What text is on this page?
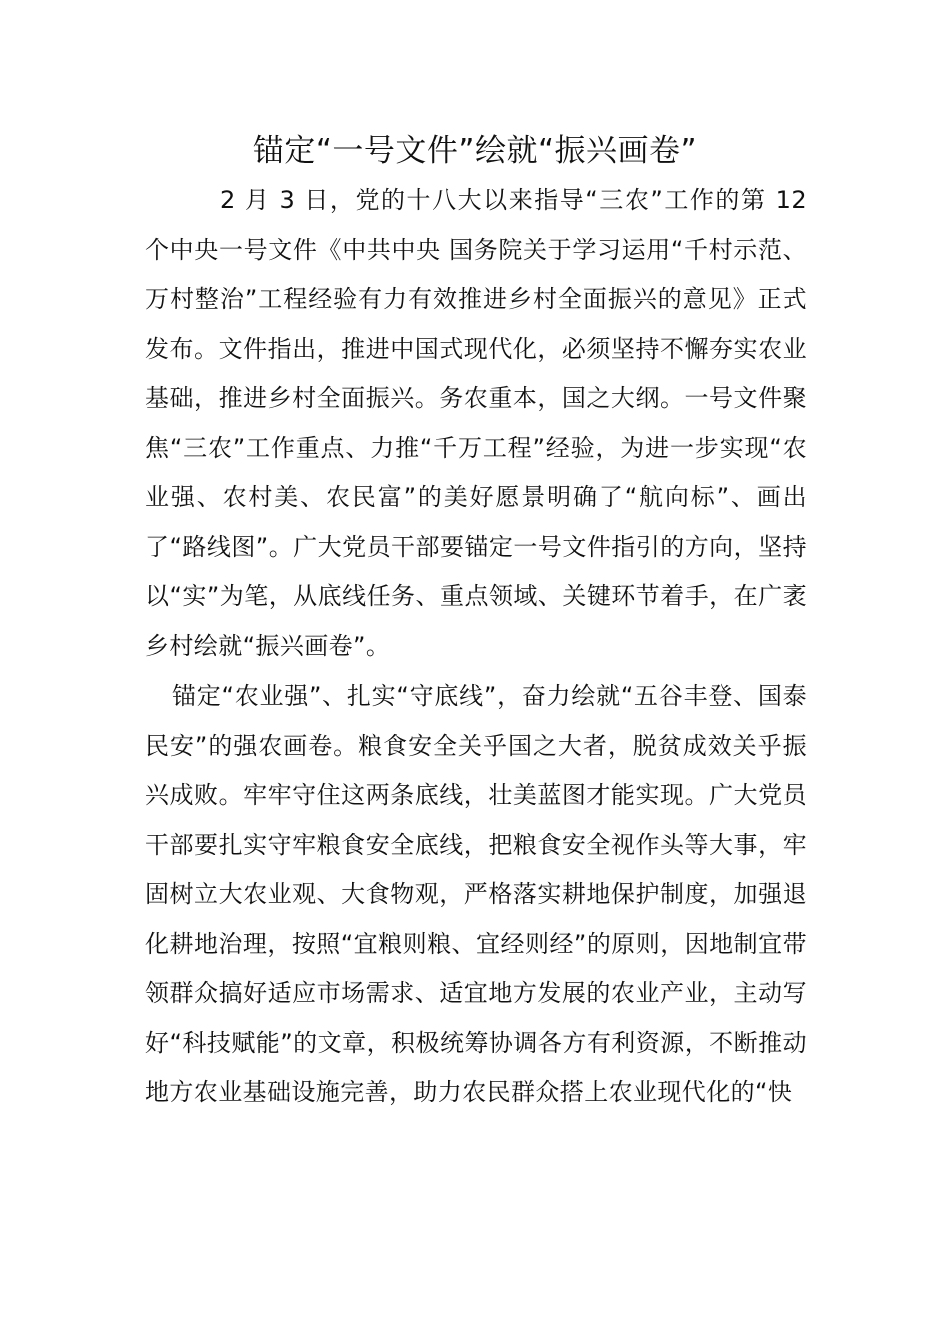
锚定“一号文件”绘就“振兴画卷”

2 月 3 日，党的十八大以来指导“三农”工作的第 12 个中央一号文件《中共中央 国务院关于学习运用“千村示范、万村整治”工程经验有力有效推进乡村全面振兴的意见》正式发布。文件指出，推进中国式现代化，必须坚持不懈夯实农业基础，推进乡村全面振兴。务农重本，国之大纲。一号文件聚焦“三农”工作重点、力推“千万工程”经验，为进一步实现“农业强、农村美、农民富”的美好愿景明确了“航向标”、画出了“路线图”。广大党员干部要锚定一号文件指引的方向，坚持以“实”为笔，从底线任务、重点领域、关键环节着手，在广袤乡村绘就“振兴画卷”。

锚定“农业强”、扎实“守底线”，奋力绘就“五谷丰登、国泰民安”的强农画卷。粮食安全关乎国之大者，脱贫成效关乎振兴成败。牢牢守住这两条底线，壮美蓝图才能实现。广大党员干部要扎实守牢粮食安全底线，把粮食安全视作头等大事，牢固树立大农业观、大食物观，严格落实耕地保护制度，加强退化耕地治理，按照“宜粮则粮、宜经则经”的原则，因地制宜带领群众搞好适应市场需求、适宜地方发展的农业产业，主动写好“科技赋能”的文章，积极统筹协调各方有利资源，不断推动地方农业基础设施完善，助力农民群众搭上农业现代化的“快
